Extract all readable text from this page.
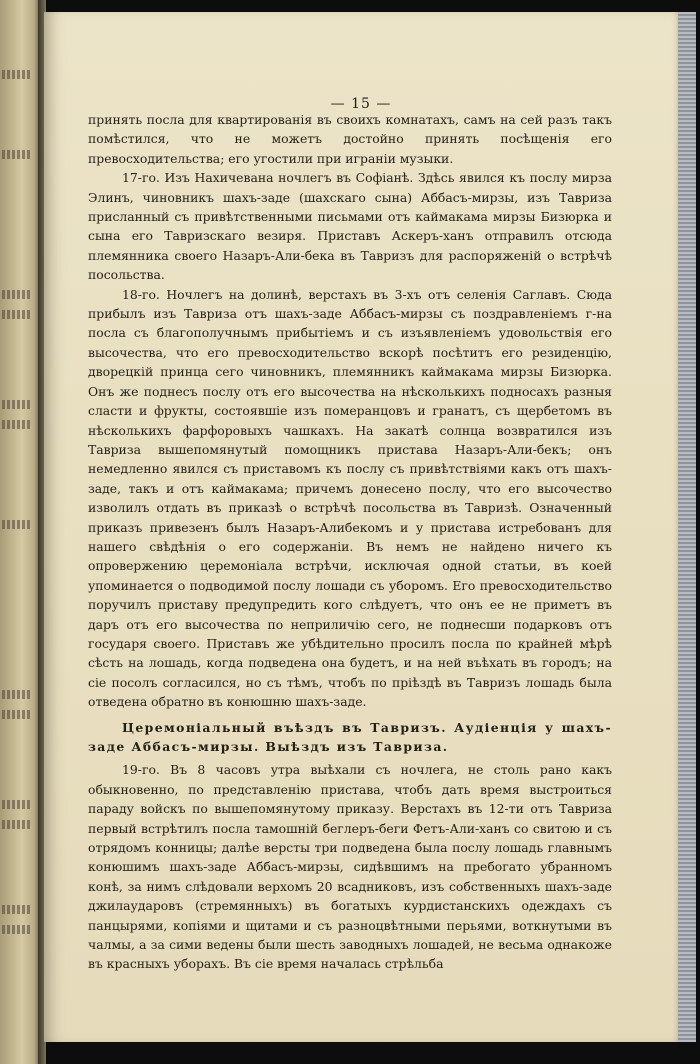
— 15 —

принять посла для квартированія въ своихъ комнатахъ, самъ на сей разъ такъ помѣстился, что не можетъ достойно принять посѣщенія его превосходительства; его угостили при играніи музыки.

17-го. Изъ Нахичевана ночлегъ въ Софіанѣ. Здѣсь явился къ послу мирза Элинъ, чиновникъ шахъ-заде (шахскаго сына) Аббасъ-мирзы, изъ Тавриза присланный съ привѣтственными письмами отъ каймакама мирзы Бизюрка и сына его Тавризскаго везиря. Приставъ Аскеръ-ханъ отправилъ отсюда племянника своего Назаръ-Али-бека въ Тавризъ для распоряженій о встрѣчѣ посольства.

18-го. Ночлегъ на долинѣ, верстахъ въ 3-хъ отъ селенія Саглавъ. Сюда прибылъ изъ Тавриза отъ шахъ-заде Аббасъ-мирзы съ поздравленіемъ г-на посла съ благополучнымъ прибытіемъ и съ изъявленіемъ удовольствія его высочества, что его превосходительство вскорѣ посѣтитъ его резиденцію, дворецкій принца сего чиновникъ, племянникъ каймакама мирзы Бизюрка. Онъ же поднесъ послу отъ его высочества на нѣсколькихъ подносахъ разныя сласти и фрукты, состоявшіе изъ померанцовъ и гранатъ, съ щербетомъ въ нѣсколькихъ фарфоровыхъ чашкахъ. На закатѣ солнца возвратился изъ Тавриза вышепомянутый помощникъ пристава Назаръ-Али-бекъ; онъ немедленно явился съ приставомъ къ послу съ привѣтствіями какъ отъ шахъ-заде, такъ и отъ каймакама; причемъ донесено послу, что его высочество изволилъ отдать въ приказѣ о встрѣчѣ посольства въ Тавризѣ. Означенный приказъ привезенъ былъ Назаръ-Алибекомъ и у пристава истребованъ для нашего свѣдѣнія о его содержаніи. Въ немъ не найдено ничего къ опровержению церемоніала встрѣчи, исключая одной статьи, въ коей упоминается о подводимой послу лошади съ уборомъ. Его превосходительство поручилъ приставу предупредить кого слѣдуетъ, что онъ ее не приметъ въ даръ отъ его высочества по неприличію сего, не поднесши подарковъ отъ государя своего. Приставъ же убѣдительно просилъ посла по крайней мѣрѣ сѣсть на лошадь, когда подведена она будетъ, и на ней въѣхать въ городъ; на сіе посолъ согласился, но съ тѣмъ, чтобъ по пріѣздѣ въ Тавризъ лошадь была отведена обратно въ конюшню шахъ-заде.

Церемоніальный въѣздъ въ Тавризъ. Аудіенція у шахъ-заде Аббасъ-мирзы. Выѣздъ изъ Тавриза.

19-го. Въ 8 часовъ утра выѣхали съ ночлега, не столь рано какъ обыкновенно, по представленію пристава, чтобъ дать время выстроиться параду войскъ по вышепомянутому приказу. Верстахъ въ 12-ти отъ Тавриза первый встрѣтилъ посла тамошній беглеръ-беги Фетъ-Али-ханъ со свитою и съ отрядомъ конницы; далѣе версты три подведена была послу лошадь главнымъ конюшимъ шахъ-заде Аббасъ-мирзы, сидѣвшимъ на пребогато убранномъ конѣ, за нимъ слѣдовали верхомъ 20 всадниковъ, изъ собственныхъ шахъ-заде джилаударовъ (стремянныхъ) въ богатыхъ курдистанскихъ одеждахъ съ панцырями, копіями и щитами и съ разноцвѣтными перьями, воткнутыми въ чалмы, а за сими ведены были шесть заводныхъ лошадей, не весьма однакоже въ красныхъ уборахъ. Въ сіе время началась стрѣльба
